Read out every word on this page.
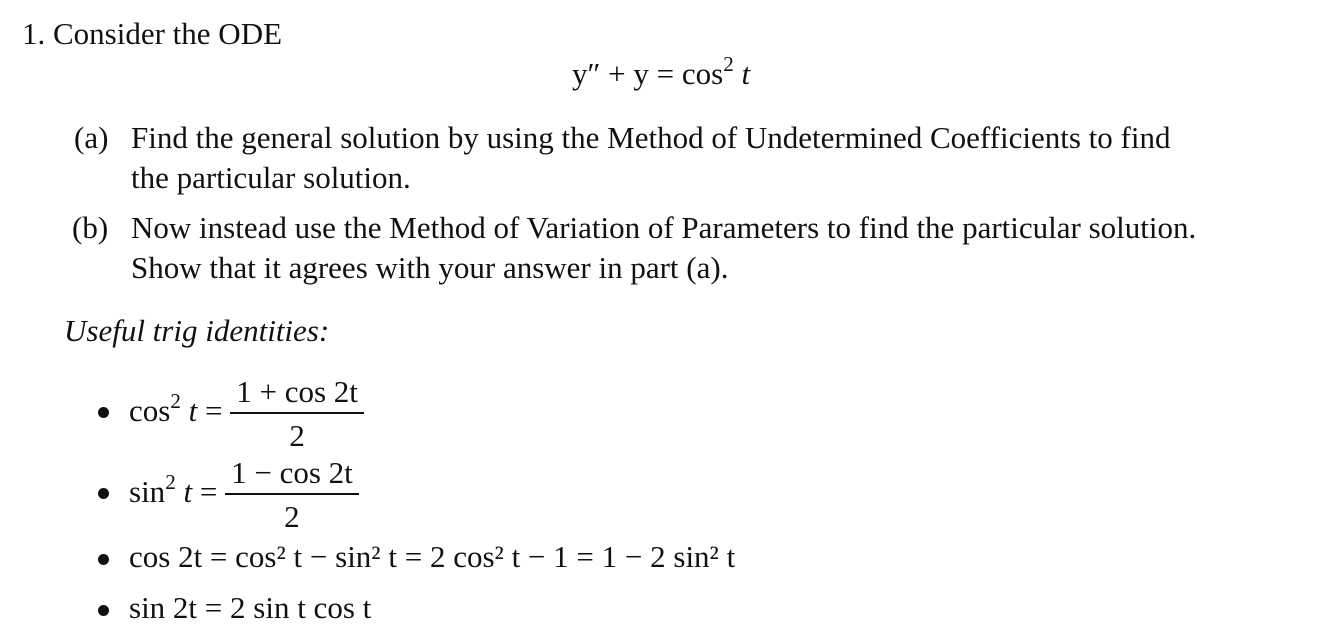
1. Consider the ODE
$y'' + y = \cos^2 t$
(a) Find the general solution by using the Method of Undetermined Coefficients to find
the particular solution.
(b) Now instead use the Method of Variation of Parameters to find the particular solution.
Show that it agrees with your answer in part (a).
Useful trig identities:
$\cos^2 t = \frac{1 + \cos 2t}{2}$
$\sin^2 t = \frac{1 - \cos 2t}{2}$
cos 2t = cos² t − sin² t = 2 cos² t − 1 = 1 − 2 sin² t
sin 2t = 2 sin t cos t
